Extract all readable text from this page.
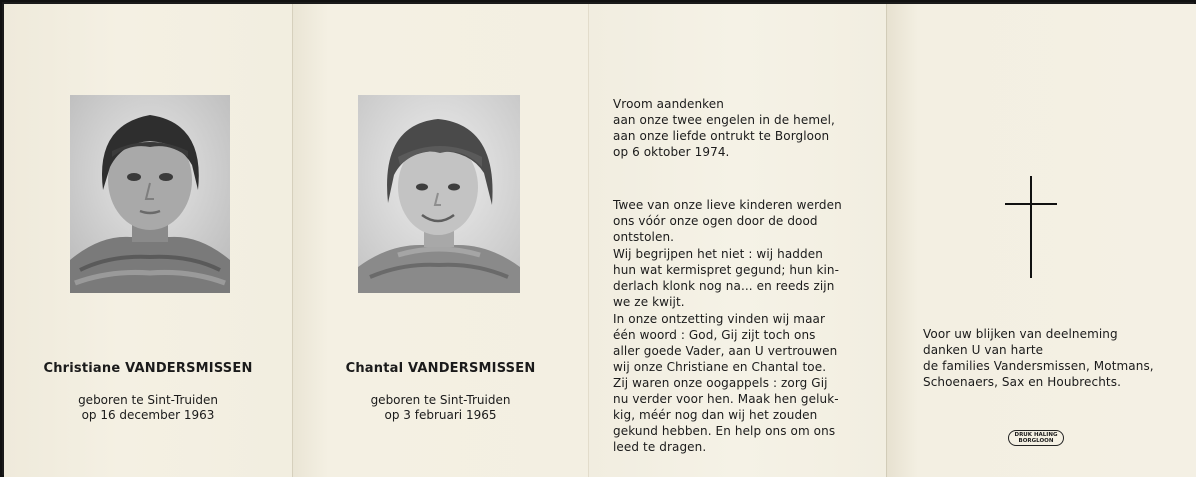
Christiane VANDERSMISSEN
geboren te Sint-Truiden
op 16 december 1963
Chantal VANDERSMISSEN
geboren te Sint-Truiden
op 3 februari 1965
Vroom aandenken
aan onze twee engelen in de hemel,
aan onze liefde ontrukt te Borgloon
op 6 oktober 1974.
Twee van onze lieve kinderen werden
ons vóór onze ogen door de dood
ontstolen.
Wij begrijpen het niet : wij hadden
hun wat kermispret gegund; hun kin-
derlach klonk nog na... en reeds zijn
we ze kwijt.
In onze ontzetting vinden wij maar
één woord : God, Gij zijt toch ons
aller goede Vader, aan U vertrouwen
wij onze Christiane en Chantal toe.
Zij waren onze oogappels : zorg Gij
nu verder voor hen. Maak hen geluk-
kig, méér nog dan wij het zouden
gekund hebben. En help ons om ons
leed te dragen.
Voor uw blijken van deelneming
danken U van harte
de families Vandersmissen, Motmans,
Schoenaers, Sax en Houbrechts.
DRUK HALING
BORGLOON
